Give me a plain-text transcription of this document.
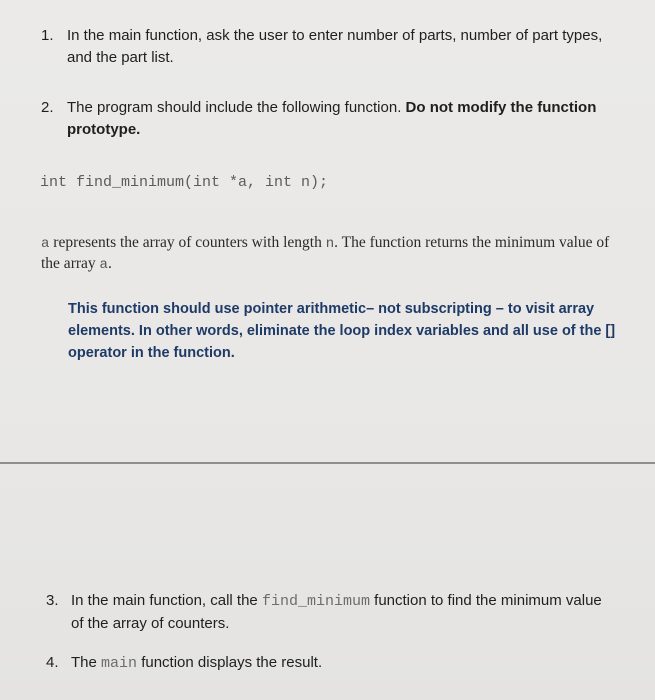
1. In the main function, ask the user to enter number of parts, number of part types, and the part list.
2. The program should include the following function. Do not modify the function prototype.
int find_minimum(int *a, int n);
a represents the array of counters with length n. The function returns the minimum value of the array a.
This function should use pointer arithmetic– not subscripting – to visit array elements. In other words, eliminate the loop index variables and all use of the [] operator in the function.
3. In the main function, call the find_minimum function to find the minimum value of the array of counters.
4. The main function displays the result.
